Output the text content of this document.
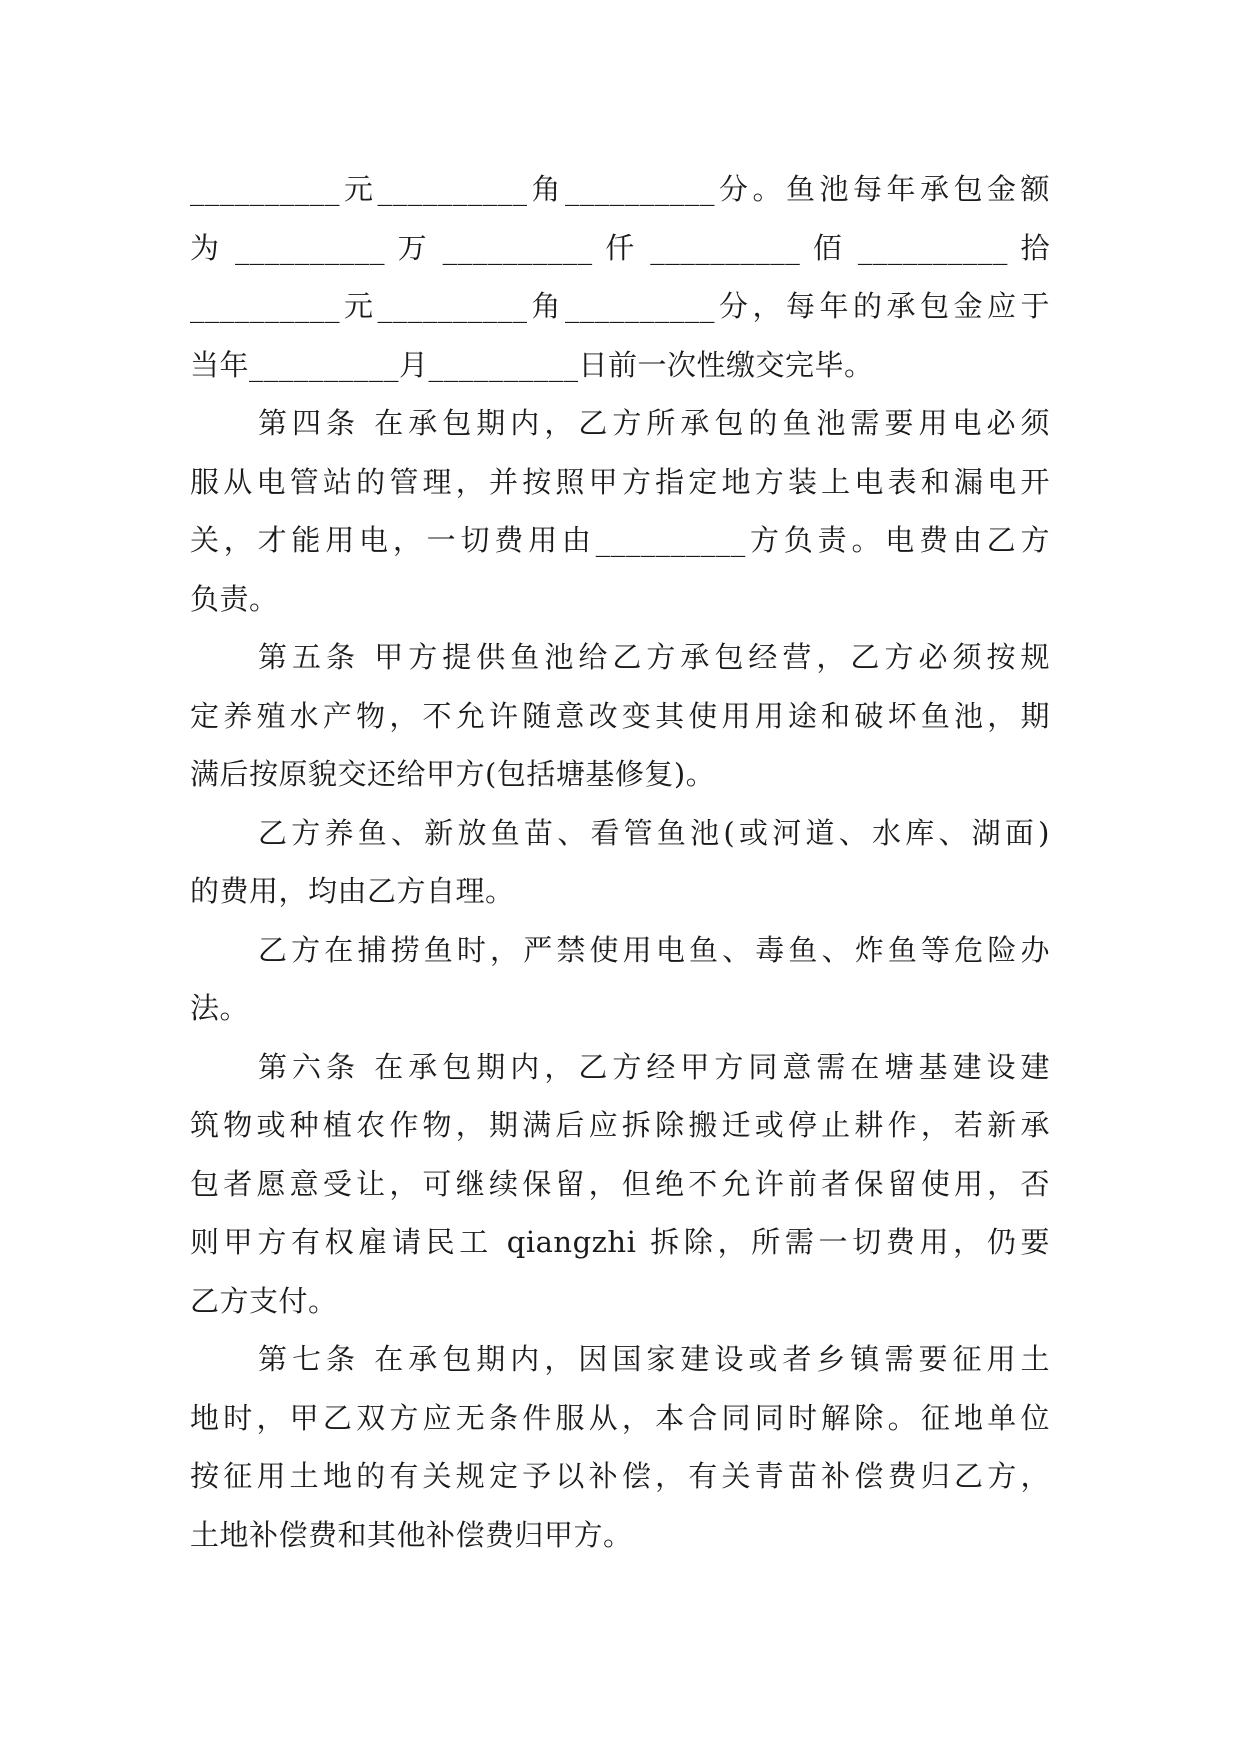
__________元__________角__________分。鱼池每年承包金额
为 __________ 万 __________ 仟 __________ 佰 __________ 拾
__________元__________角__________分，每年的承包金应于
当年__________月__________日前一次性缴交完毕。
第四条 在承包期内，乙方所承包的鱼池需要用电必须
服从电管站的管理，并按照甲方指定地方装上电表和漏电开
关，才能用电，一切费用由__________方负责。电费由乙方
负责。
第五条 甲方提供鱼池给乙方承包经营，乙方必须按规
定养殖水产物，不允许随意改变其使用用途和破坏鱼池，期
满后按原貌交还给甲方(包括塘基修复)。
乙方养鱼、新放鱼苗、看管鱼池(或河道、水库、湖面)
的费用，均由乙方自理。
乙方在捕捞鱼时，严禁使用电鱼、毒鱼、炸鱼等危险办
法。
第六条 在承包期内，乙方经甲方同意需在塘基建设建
筑物或种植农作物，期满后应拆除搬迁或停止耕作，若新承
包者愿意受让，可继续保留，但绝不允许前者保留使用，否
则甲方有权雇请民工 qiangzhi 拆除，所需一切费用，仍要
乙方支付。
第七条 在承包期内，因国家建设或者乡镇需要征用土
地时，甲乙双方应无条件服从，本合同同时解除。征地单位
按征用土地的有关规定予以补偿，有关青苗补偿费归乙方，
土地补偿费和其他补偿费归甲方。
